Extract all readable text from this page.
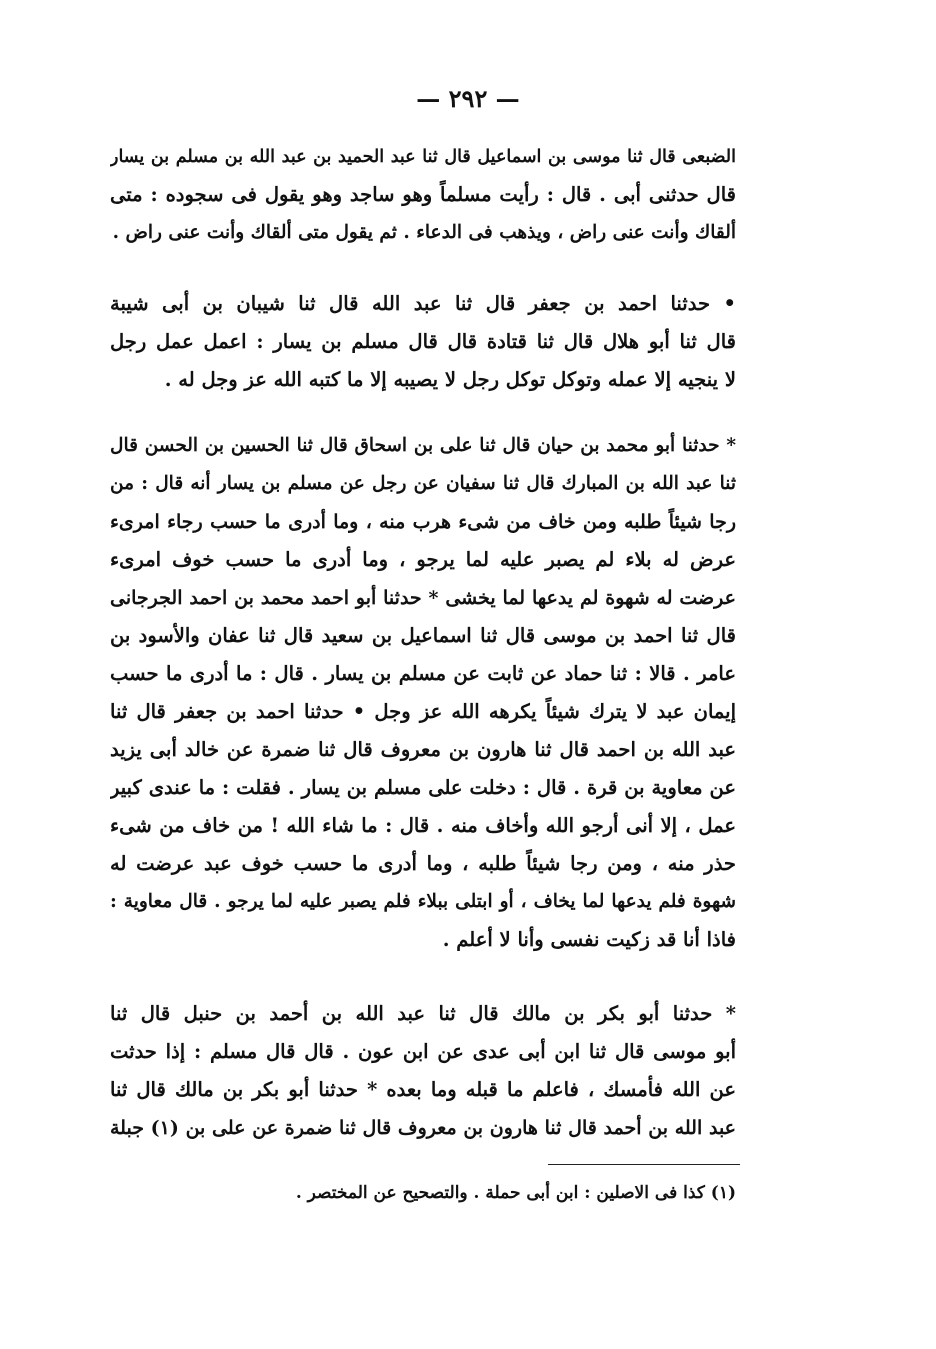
— ٢٩٢ —
الضبعى قال ثنا موسى بن اسماعيل قال ثنا عبد الحميد بن عبد الله بن مسلم بن يسار
قال حدثنى أبى . قال : رأيت مسلماً وهو ساجد وهو يقول فى سجوده : متى
ألقاك وأنت عنى راض ، ويذهب فى الدعاء . ثم يقول متى ألقاك وأنت عنى راض .
• حدثنا احمد بن جعفر قال ثنا عبد الله قال ثنا شيبان بن أبى شيبة
قال ثنا أبو هلال قال ثنا قتادة قال قال مسلم بن يسار : اعمل عمل رجل
لا ينجيه إلا عمله وتوكل توكل رجل لا يصيبه إلا ما كتبه الله عز وجل له .
* حدثنا أبو محمد بن حيان قال ثنا على بن اسحاق قال ثنا الحسين بن الحسن قال
ثنا عبد الله بن المبارك قال ثنا سفيان عن رجل عن مسلم بن يسار أنه قال : من
رجا شيئاً طلبه ومن خاف من شىء هرب منه ، وما أدرى ما حسب رجاء امرىء
عرض له بلاء لم يصبر عليه لما يرجو ، وما أدرى ما حسب خوف امرىء
عرضت له شهوة لم يدعها لما يخشى * حدثنا أبو احمد محمد بن احمد الجرجانى
قال ثنا احمد بن موسى قال ثنا اسماعيل بن سعيد قال ثنا عفان والأسود بن
عامر . قالا : ثنا حماد عن ثابت عن مسلم بن يسار . قال : ما أدرى ما حسب
إيمان عبد لا يترك شيئاً يكرهه الله عز وجل • حدثنا احمد بن جعفر قال ثنا
عبد الله بن احمد قال ثنا هارون بن معروف قال ثنا ضمرة عن خالد أبى يزيد
عن معاوية بن قرة . قال : دخلت على مسلم بن يسار . فقلت : ما عندى كبير
عمل ، إلا أنى أرجو الله وأخاف منه . قال : ما شاء الله ! من خاف من شىء
حذر منه ، ومن رجا شيئاً طلبه ، وما أدرى ما حسب خوف عبد عرضت له
شهوة فلم يدعها لما يخاف ، أو ابتلى ببلاء فلم يصبر عليه لما يرجو . قال معاوية :
فاذا أنا قد زكيت نفسى وأنا لا أعلم .
* حدثنا أبو بكر بن مالك قال ثنا عبد الله بن أحمد بن حنبل قال ثنا
أبو موسى قال ثنا ابن أبى عدى عن ابن عون . قال قال مسلم : إذا حدثت
عن الله فأمسك ، فاعلم ما قبله وما بعده * حدثنا أبو بكر بن مالك قال ثنا
عبد الله بن أحمد قال ثنا هارون بن معروف قال ثنا ضمرة عن على بن (١) جبلة
(١) كذا فى الاصلين : ابن أبى حملة . والتصحيح عن المختصر .
